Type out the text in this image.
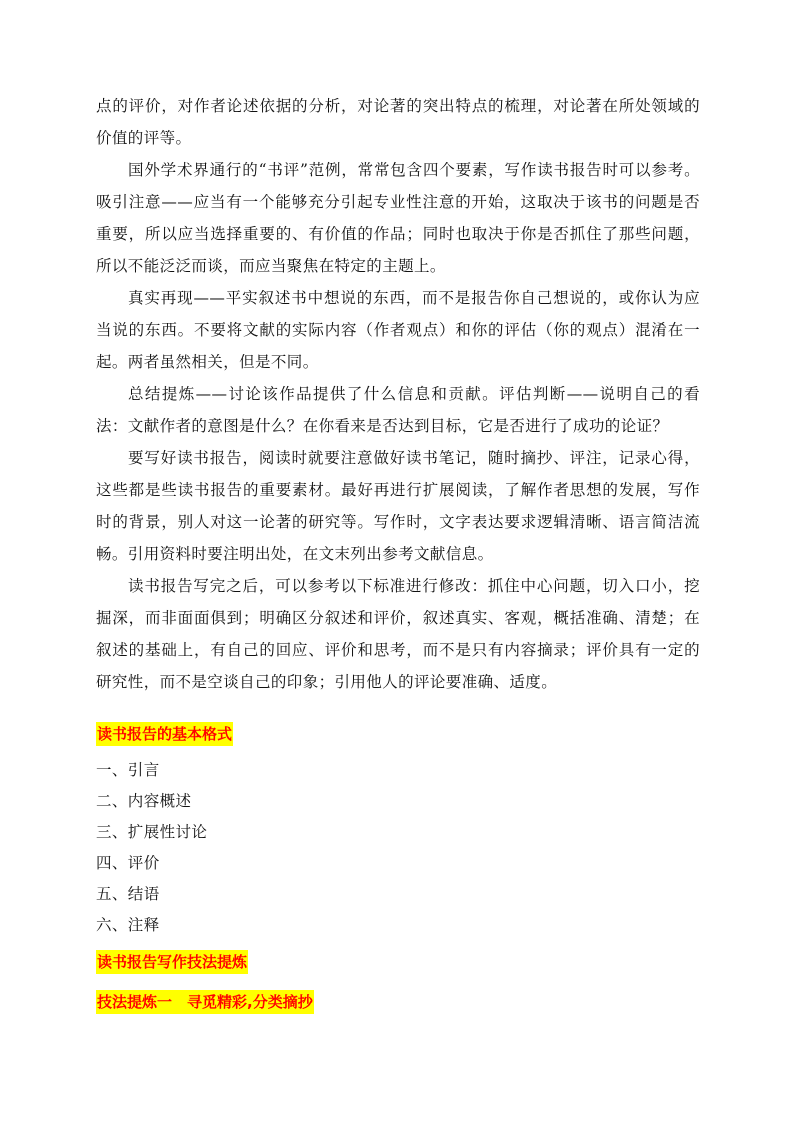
点的评价，对作者论述依据的分析，对论著的突出特点的梳理，对论著在所处领域的价值的评等。

国外学术界通行的“书评”范例，常常包含四个要素，写作读书报告时可以参考。吸引注意——应当有一个能够充分引起专业性注意的开始，这取决于该书的问题是否重要，所以应当选择重要的、有价值的作品；同时也取决于你是否抓住了那些问题，所以不能泛泛而谈，而应当聚焦在特定的主题上。

真实再现——平实叙述书中想说的东西，而不是报告你自己想说的，或你认为应当说的东西。不要将文献的实际内容（作者观点）和你的评估（你的观点）混淆在一起。两者虽然相关，但是不同。

总结提炼——讨论该作品提供了什么信息和贡献。评估判断——说明自己的看法：文献作者的意图是什么？在你看来是否达到目标，它是否进行了成功的论证？

要写好读书报告，阅读时就要注意做好读书笔记，随时摘抄、评注，记录心得，这些都是些读书报告的重要素材。最好再进行扩展阅读，了解作者思想的发展，写作时的背景，别人对这一论著的研究等。写作时，文字表达要求逻辑清晰、语言简洁流畅。引用资料时要注明出处，在文末列出参考文献信息。

读书报告写完之后，可以参考以下标准进行修改：抓住中心问题，切入口小，挖掘深，而非面面俱到；明确区分叙述和评价，叙述真实、客观，概括准确、清楚；在叙述的基础上，有自己的回应、评价和思考，而不是只有内容摘录；评价具有一定的研究性，而不是空谈自己的印象；引用他人的评论要准确、适度。

读书报告的基本格式
一、引言
二、内容概述
三、扩展性讨论
四、评价
五、结语
六、注释
读书报告写作技法提炼
技法提炼一　寻觅精彩,分类摘抄
